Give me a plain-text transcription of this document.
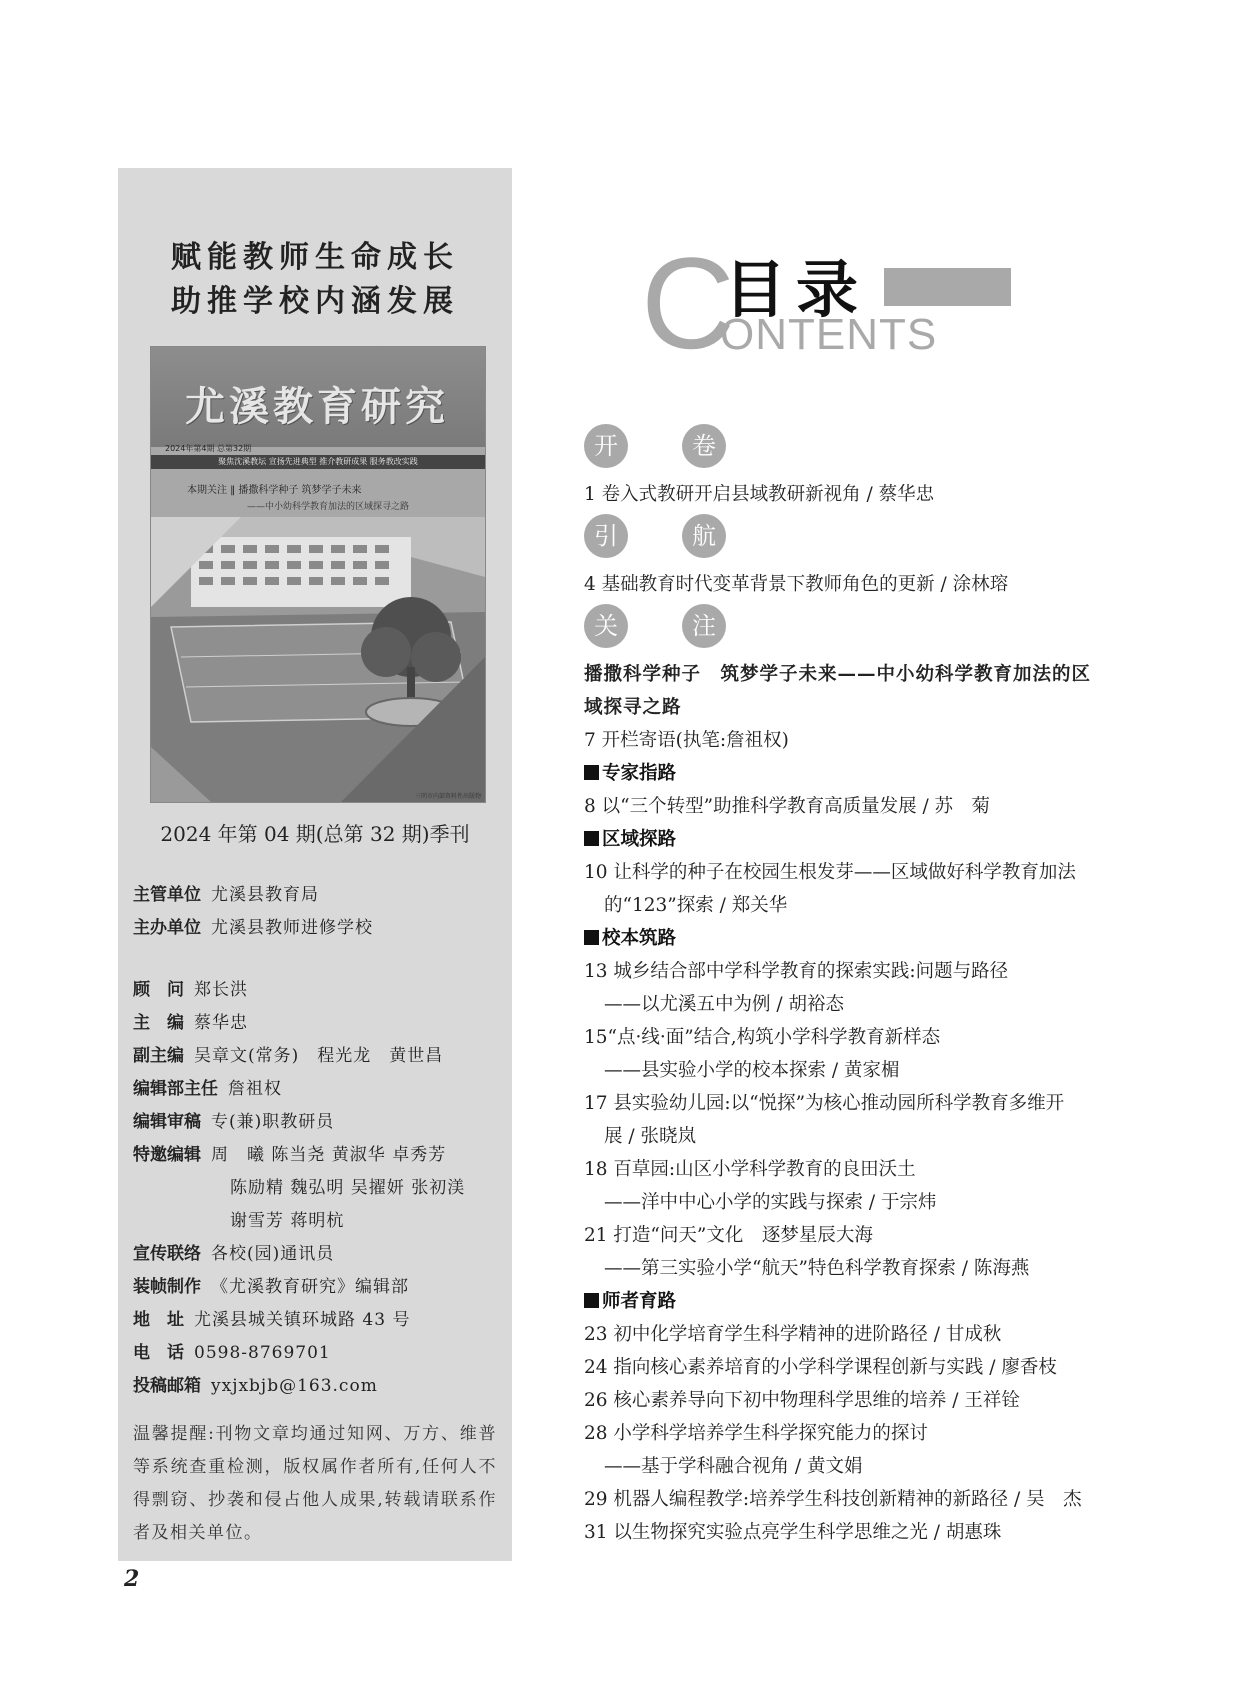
赋能教师生命成长
助推学校内涵发展
尤溪教育研究
2024年第4期 总第32期
聚焦沈溪教坛 宣扬先进典型 推介教研成果 服务教改实践
本期关注 ‖ 播撒科学种子 筑梦学子未来
——中小幼科学教育加法的区域探寻之路
三明市内部资料性出版物
2024 年第 04 期(总第 32 期)季刊
主管单位 尤溪县教育局
主办单位 尤溪县教师进修学校
顾　问 郑长洪
主　编 蔡华忠
副主编 吴章文(常务)　程光龙　黄世昌
编辑部主任 詹祖权
编辑审稿 专(兼)职教研员
特邀编辑 周　曦 陈当尧 黄淑华 卓秀芳
陈励精 魏弘明 吴擢妍 张初渼
谢雪芳 蒋明杭
宣传联络 各校(园)通讯员
装帧制作 《尤溪教育研究》编辑部
地　址 尤溪县城关镇环城路 43 号
电　话 0598-8769701
投稿邮箱 yxjxbjb@163.com
温馨提醒:刊物文章均通过知网、万方、维普等系统查重检测，版权属作者所有,任何人不得剽窃、抄袭和侵占他人成果,转载请联系作者及相关单位。
C
目录
ONTENTS
开	卷
1 卷入式教研开启县域教研新视角 / 蔡华忠
引	航
4 基础教育时代变革背景下教师角色的更新 / 涂林瑢
关	注
播撒科学种子　筑梦学子未来——中小幼科学教育加法的区
域探寻之路
7 开栏寄语(执笔:詹祖权)
专家指路
8 以“三个转型”助推科学教育高质量发展 / 苏　菊
区域探路
10 让科学的种子在校园生根发芽——区域做好科学教育加法
的“123”探索 / 郑关华
校本筑路
13 城乡结合部中学科学教育的探索实践:问题与路径
——以尤溪五中为例 / 胡裕态
15“点·线·面”结合,构筑小学科学教育新样态
——县实验小学的校本探索 / 黄家楣
17 县实验幼儿园:以“悦探”为核心推动园所科学教育多维开
展 / 张晓岚
18 百草园:山区小学科学教育的良田沃土
——洋中中心小学的实践与探索 / 于宗炜
21 打造“问天”文化　逐梦星辰大海
——第三实验小学“航天”特色科学教育探索 / 陈海燕
师者育路
23 初中化学培育学生科学精神的进阶路径 / 甘成秋
24 指向核心素养培育的小学科学课程创新与实践 / 廖香枝
26 核心素养导向下初中物理科学思维的培养 / 王祥铨
28 小学科学培养学生科学探究能力的探讨
——基于学科融合视角 / 黄文娟
29 机器人编程教学:培养学生科技创新精神的新路径 / 吴　杰
31 以生物探究实验点亮学生科学思维之光 / 胡惠珠
2
